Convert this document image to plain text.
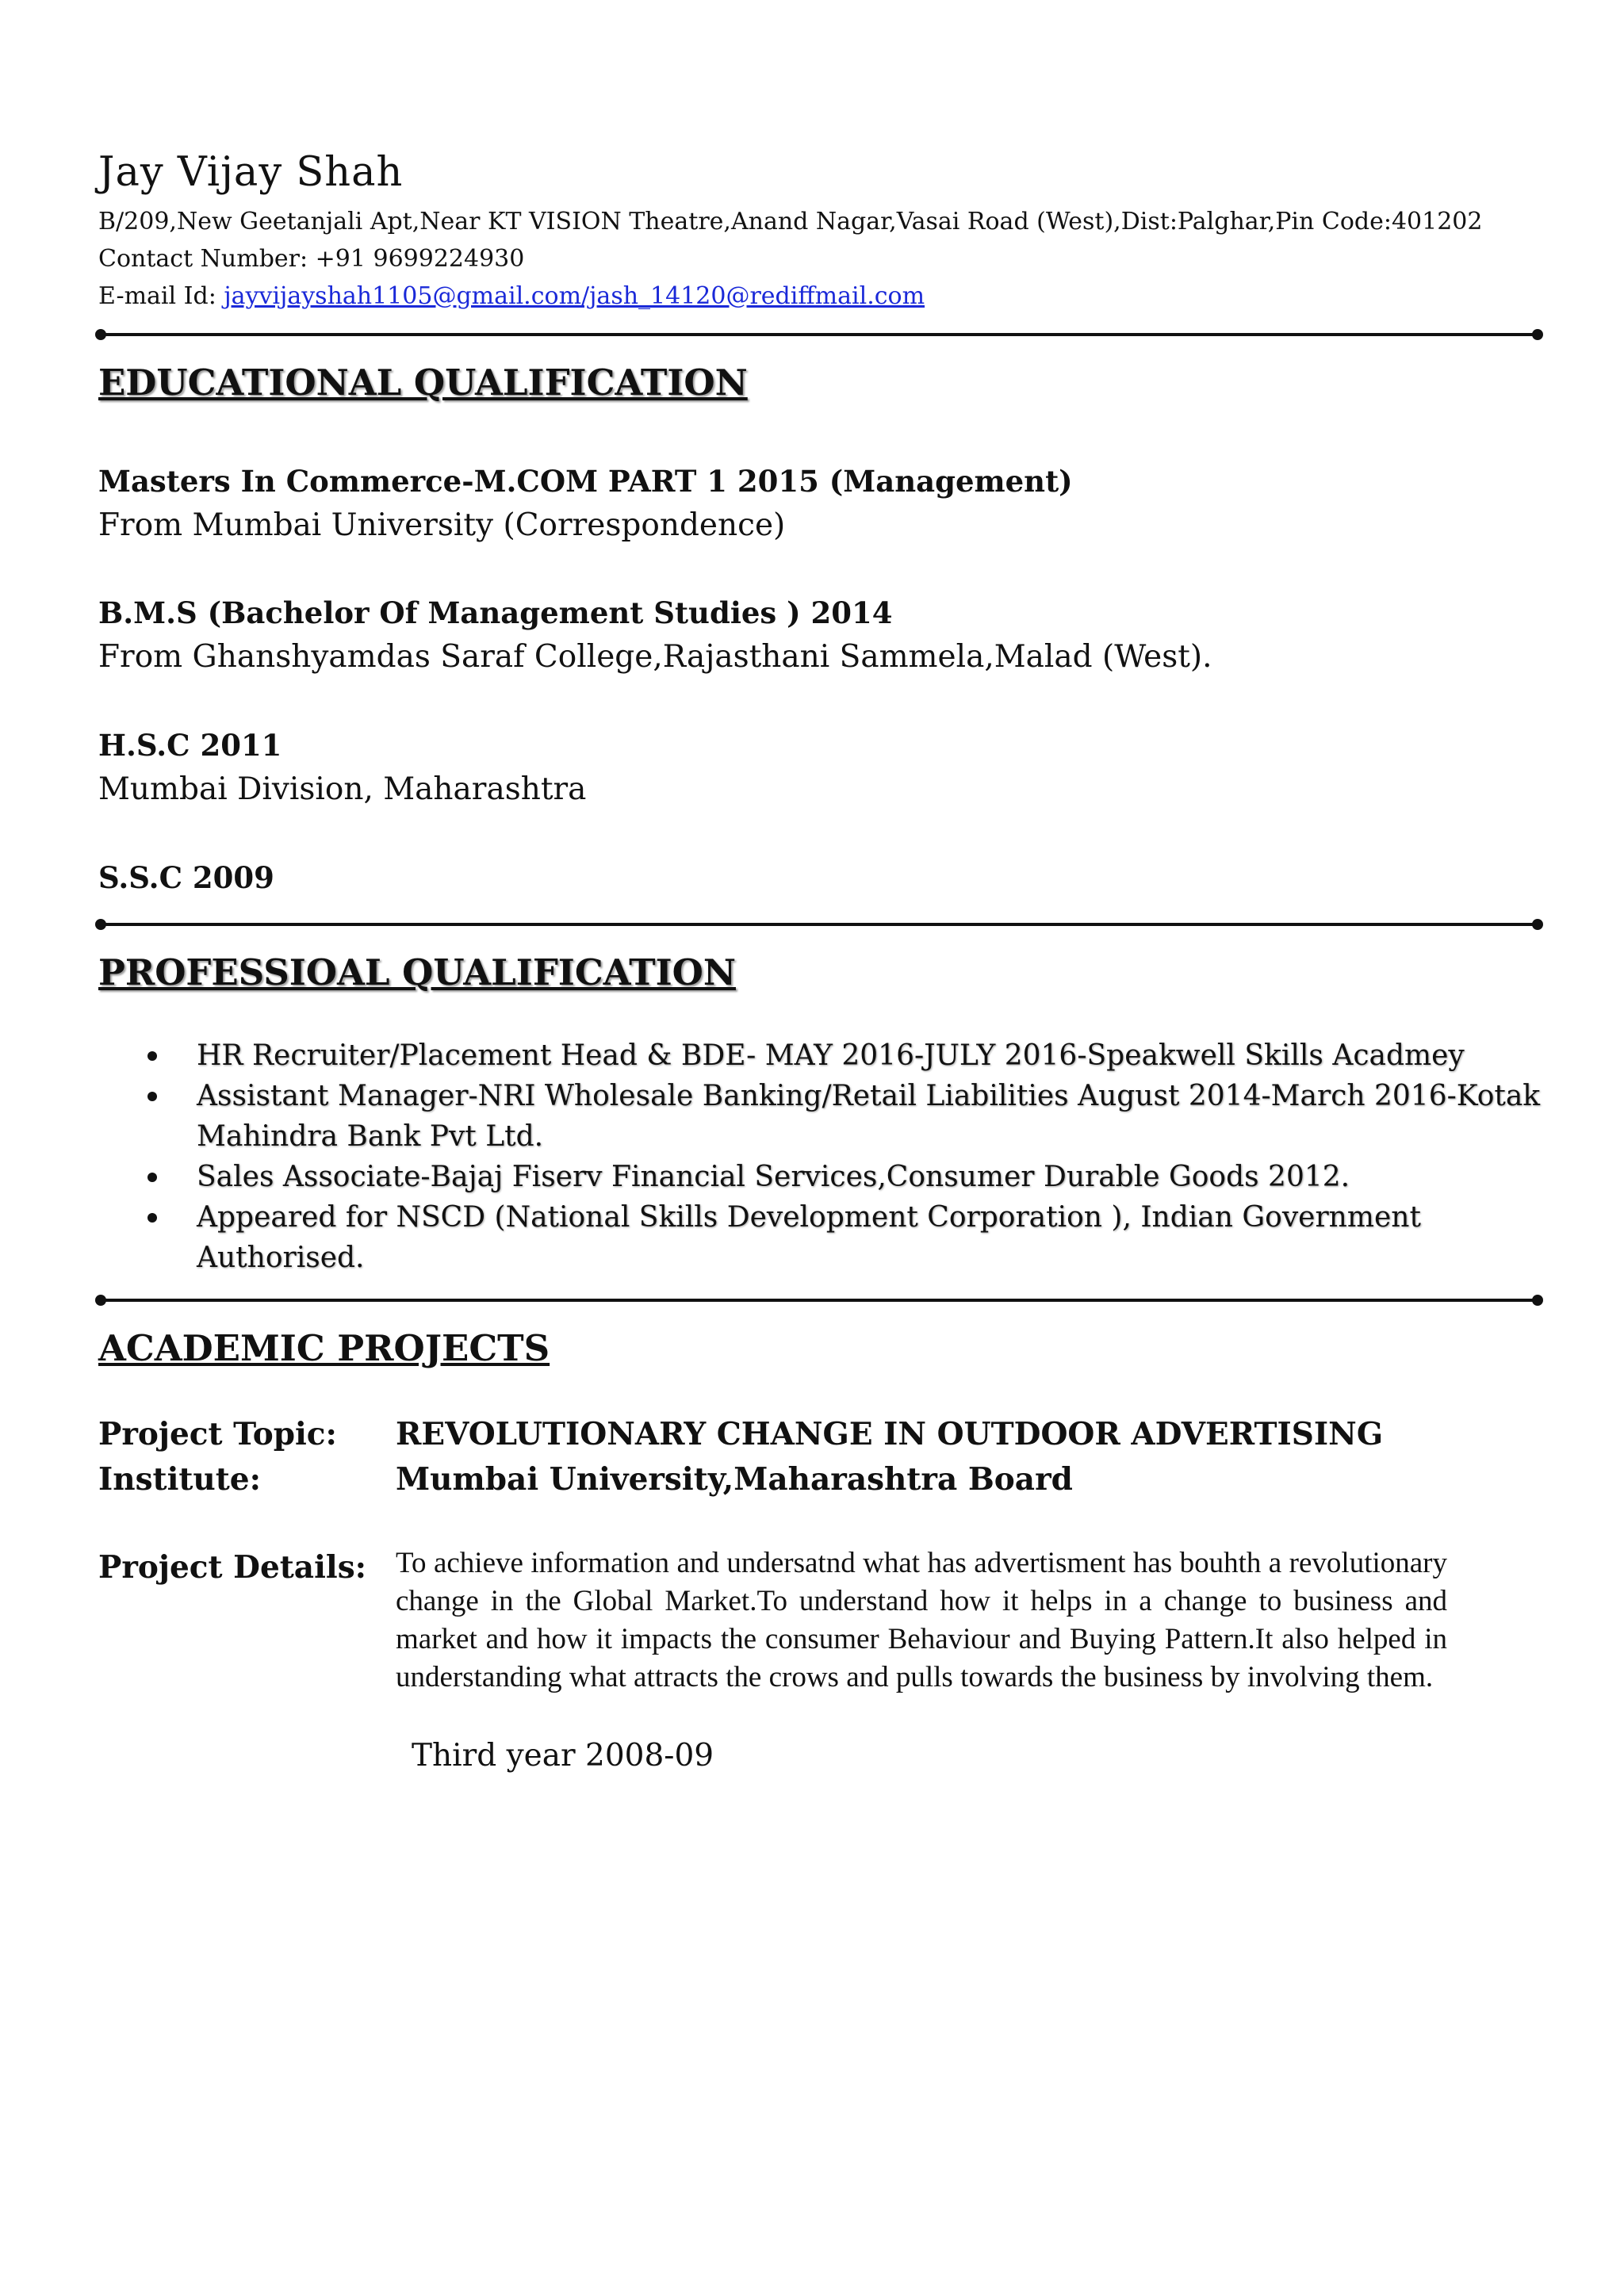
Jay Vijay Shah
B/209,New Geetanjali Apt,Near KT VISION Theatre,Anand Nagar,Vasai Road (West),Dist:Palghar,Pin Code:401202
Contact Number: +91 9699224930
E-mail Id: jayvijayshah1105@gmail.com/jash_14120@rediffmail.com
EDUCATIONAL QUALIFICATION
Masters In Commerce-M.COM PART 1 2015 (Management)
From Mumbai University (Correspondence)
B.M.S (Bachelor Of Management Studies ) 2014
From Ghanshyamdas Saraf College,Rajasthani Sammela,Malad (West).
H.S.C 2011
Mumbai Division, Maharashtra
S.S.C 2009
PROFESSIOAL QUALIFICATION
HR Recruiter/Placement Head & BDE- MAY 2016-JULY 2016-Speakwell Skills Acadmey
Assistant Manager-NRI Wholesale Banking/Retail Liabilities August 2014-March 2016-Kotak Mahindra Bank Pvt Ltd.
Sales Associate-Bajaj Fiserv Financial Services,Consumer Durable Goods 2012.
Appeared for NSCD (National Skills Development Corporation ), Indian Government Authorised.
ACADEMIC PROJECTS
Project Topic: REVOLUTIONARY CHANGE IN OUTDOOR ADVERTISING
Institute:	Mumbai University,Maharashtra Board
Project Details: To achieve information and undersatnd what has advertisment has bouhth a revolutionary change in the Global Market.To understand how it helps in a change to business and market and how it impacts the consumer Behaviour and Buying Pattern.It also helped in understanding what attracts the crows and pulls towards the business by involving them.

Third year 2008-09
